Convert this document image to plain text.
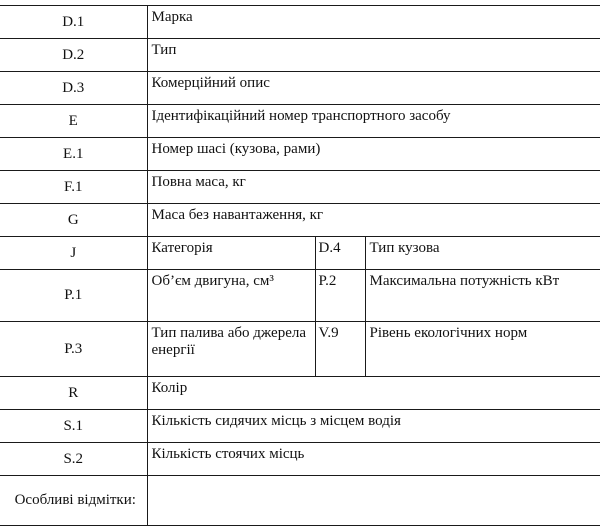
D.1	Марка		
D.2	Тип		
D.3	Комерційний опис		
E	Ідентифікаційний номер транспортного засобу		
E.1	Номер шасі (кузова, рами)		
F.1	Повна маса, кг		
G	Маса без навантаження, кг		
J	Категорія	D.4	Тип кузова
P.1	Об’єм двигуна, см³	P.2	Максимальна потужність кВт
P.3	Тип палива або джерела енергії	V.9	Рівень екологічних норм
R	Колір		
S.1	Кількість сидячих місць з місцем водія		
S.2	Кількість стоячих місць		
Особливі відмітки:			
